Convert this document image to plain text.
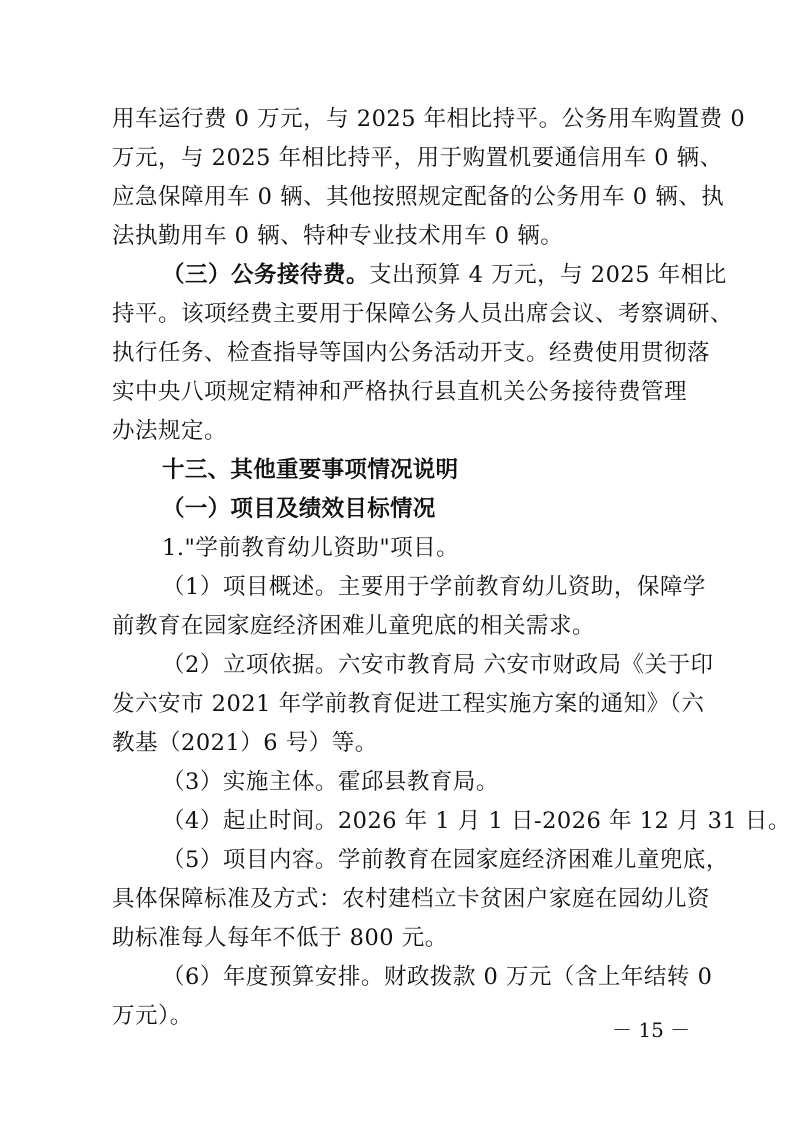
用车运行费 0 万元，与 2025 年相比持平。公务用车购置费 0
万元，与 2025 年相比持平，用于购置机要通信用车 0 辆、
应急保障用车 0 辆、其他按照规定配备的公务用车 0 辆、执
法执勤用车 0 辆、特种专业技术用车 0 辆。
（三）公务接待费。支出预算 4 万元，与 2025 年相比
持平。该项经费主要用于保障公务人员出席会议、考察调研、
执行任务、检查指导等国内公务活动开支。经费使用贯彻落
实中央八项规定精神和严格执行县直机关公务接待费管理
办法规定。
十三、其他重要事项情况说明
（一）项目及绩效目标情况
1."学前教育幼儿资助"项目。
（1）项目概述。主要用于学前教育幼儿资助，保障学
前教育在园家庭经济困难儿童兜底的相关需求。
（2）立项依据。六安市教育局 六安市财政局《关于印
发六安市 2021 年学前教育促进工程实施方案的通知》（六
教基（2021）6 号）等。
（3）实施主体。霍邱县教育局。
（4）起止时间。2026 年 1 月 1 日-2026 年 12 月 31 日。
（5）项目内容。学前教育在园家庭经济困难儿童兜底，
具体保障标准及方式：农村建档立卡贫困户家庭在园幼儿资
助标准每人每年不低于 800 元。
（6）年度预算安排。财政拨款 0 万元（含上年结转 0
万元）。
－ 15 －
